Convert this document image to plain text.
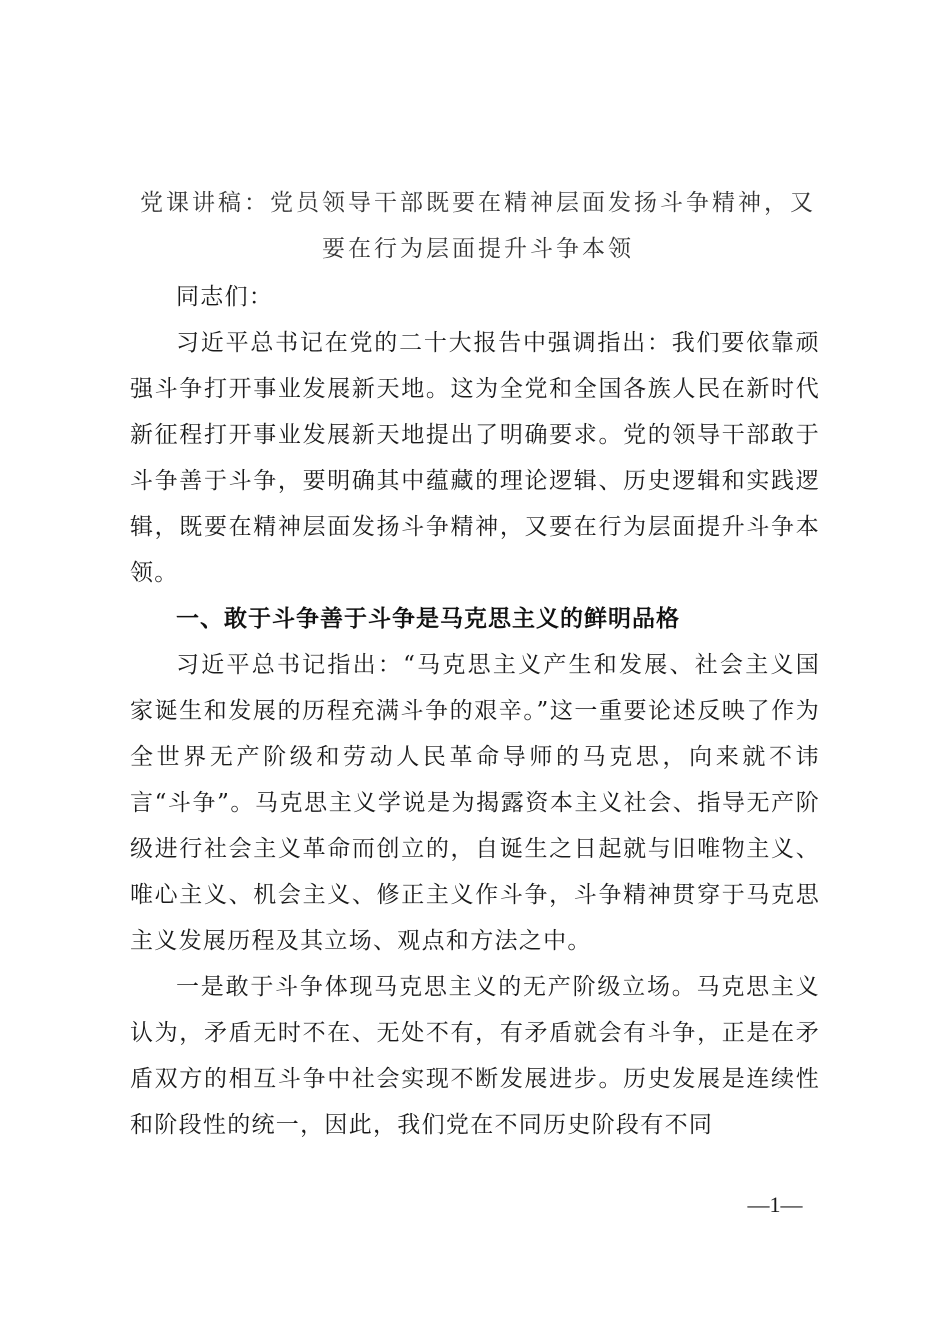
党课讲稿：党员领导干部既要在精神层面发扬斗争精神，又要在行为层面提升斗争本领

同志们：

习近平总书记在党的二十大报告中强调指出：我们要依靠顽强斗争打开事业发展新天地。这为全党和全国各族人民在新时代新征程打开事业发展新天地提出了明确要求。党的领导干部敢于斗争善于斗争，要明确其中蕴藏的理论逻辑、历史逻辑和实践逻辑，既要在精神层面发扬斗争精神，又要在行为层面提升斗争本领。

一、敢于斗争善于斗争是马克思主义的鲜明品格

习近平总书记指出：“马克思主义产生和发展、社会主义国家诞生和发展的历程充满斗争的艰辛。”这一重要论述反映了作为全世界无产阶级和劳动人民革命导师的马克思，向来就不讳言“斗争”。马克思主义学说是为揭露资本主义社会、指导无产阶级进行社会主义革命而创立的，自诞生之日起就与旧唯物主义、唯心主义、机会主义、修正主义作斗争，斗争精神贯穿于马克思主义发展历程及其立场、观点和方法之中。

一是敢于斗争体现马克思主义的无产阶级立场。马克思主义认为，矛盾无时不在、无处不有，有矛盾就会有斗争，正是在矛盾双方的相互斗争中社会实现不断发展进步。历史发展是连续性和阶段性的统一，因此，我们党在不同历史阶段有不同

—1—
